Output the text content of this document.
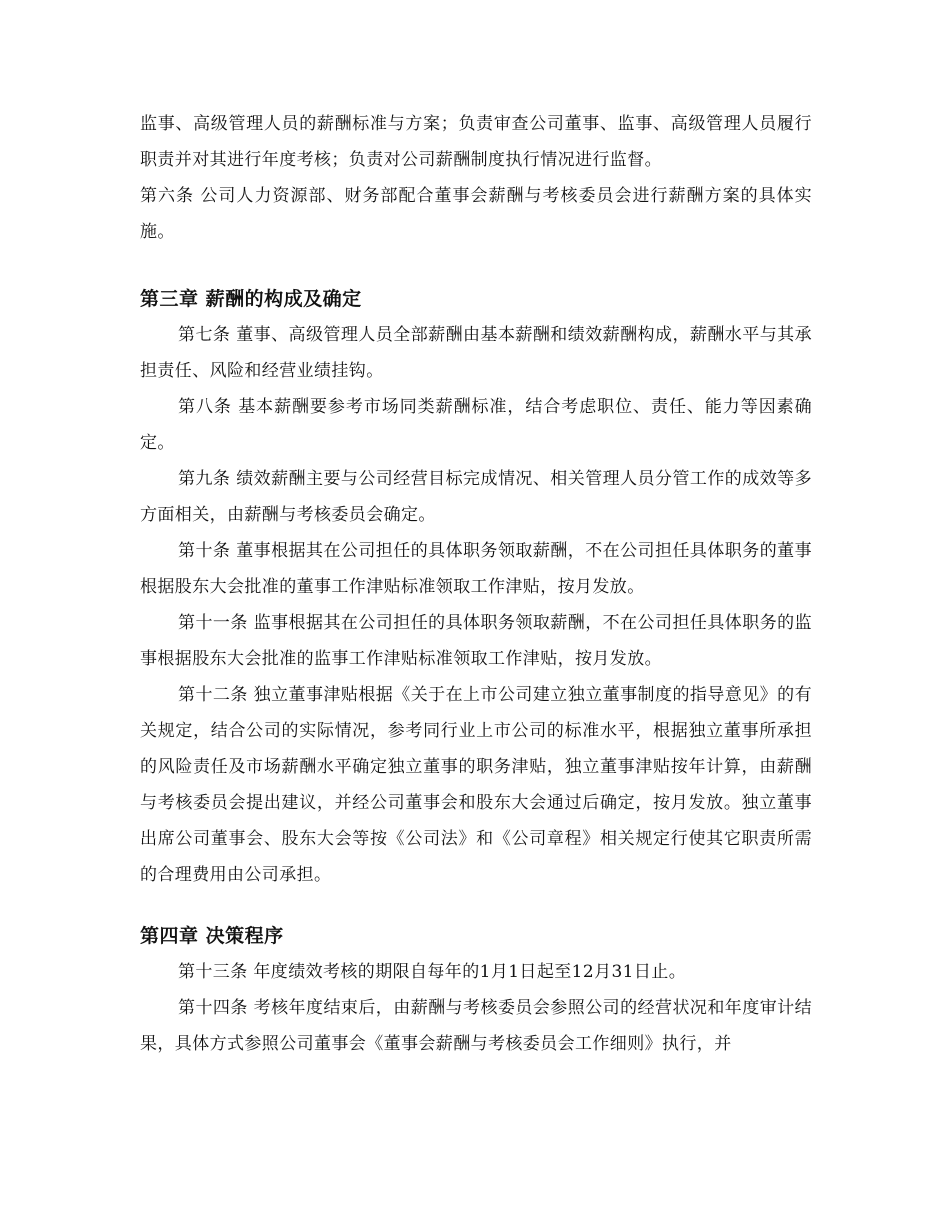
监事、高级管理人员的薪酬标准与方案；负责审查公司董事、监事、高级管理人员履行职责并对其进行年度考核；负责对公司薪酬制度执行情况进行监督。

第六条 公司人力资源部、财务部配合董事会薪酬与考核委员会进行薪酬方案的具体实施。

第三章 薪酬的构成及确定

第七条 董事、高级管理人员全部薪酬由基本薪酬和绩效薪酬构成，薪酬水平与其承担责任、风险和经营业绩挂钩。

第八条 基本薪酬要参考市场同类薪酬标准，结合考虑职位、责任、能力等因素确定。

第九条 绩效薪酬主要与公司经营目标完成情况、相关管理人员分管工作的成效等多方面相关，由薪酬与考核委员会确定。

第十条 董事根据其在公司担任的具体职务领取薪酬，不在公司担任具体职务的董事根据股东大会批准的董事工作津贴标准领取工作津贴，按月发放。

第十一条 监事根据其在公司担任的具体职务领取薪酬，不在公司担任具体职务的监事根据股东大会批准的监事工作津贴标准领取工作津贴，按月发放。

第十二条 独立董事津贴根据《关于在上市公司建立独立董事制度的指导意见》的有关规定，结合公司的实际情况，参考同行业上市公司的标准水平，根据独立董事所承担的风险责任及市场薪酬水平确定独立董事的职务津贴，独立董事津贴按年计算，由薪酬与考核委员会提出建议，并经公司董事会和股东大会通过后确定，按月发放。独立董事出席公司董事会、股东大会等按《公司法》和《公司章程》相关规定行使其它职责所需的合理费用由公司承担。

第四章 决策程序

第十三条 年度绩效考核的期限自每年的1月1日起至12月31日止。

第十四条 考核年度结束后，由薪酬与考核委员会参照公司的经营状况和年度审计结果，具体方式参照公司董事会《董事会薪酬与考核委员会工作细则》执行，并
